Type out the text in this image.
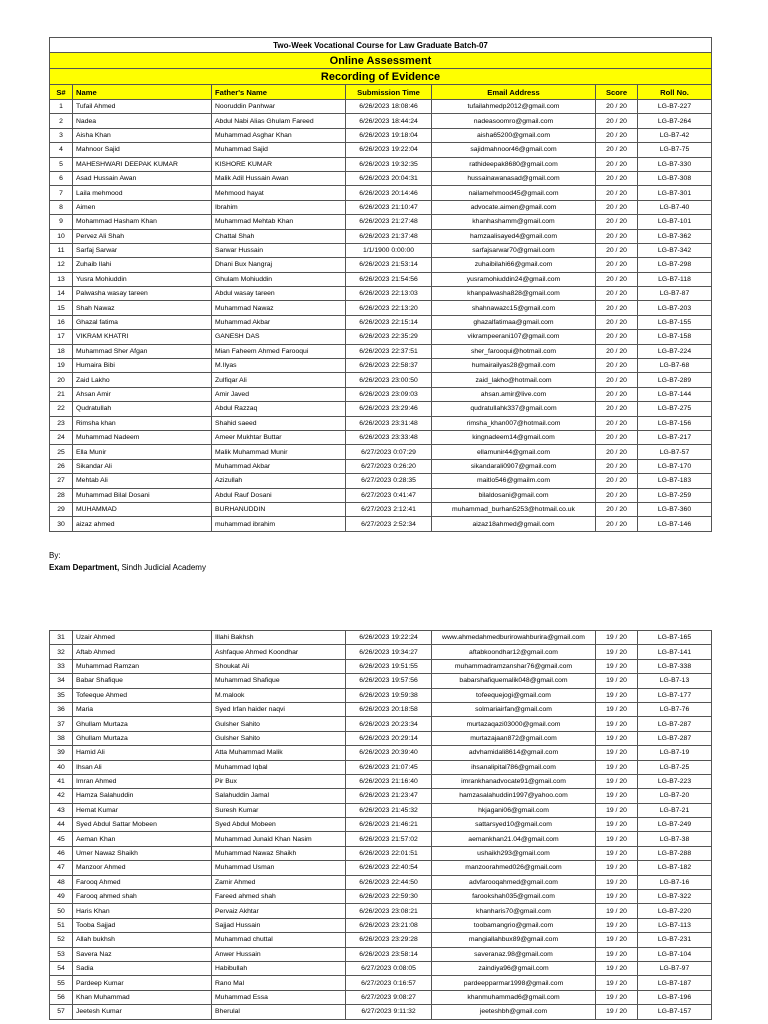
Two-Week Vocational Course for Law Graduate Batch-07						
Online Assessment						
Recording of Evidence						
S#	Name	Father's Name	Submission Time	Email Address	Score	Roll No.
1	Tufail Ahmed	Nooruddin Panhwar	6/26/2023 18:08:46	tufailahmedp2012@gmail.com	20 / 20	LG-B7-227
2	Nadea	Abdul Nabi Alias Ghulam Fareed	6/26/2023 18:44:24	nadeasoomro@gmail.com	20 / 20	LG-B7-264
3	Aisha Khan	Muhammad Asghar Khan	6/26/2023 19:18:04	aisha65200@gmail.com	20 / 20	LG-B7-42
4	Mahnoor Sajid	Muhammad Sajid	6/26/2023 19:22:04	sajidmahnoor46@gmail.com	20 / 20	LG-B7-75
5	MAHESHWARI DEEPAK KUMAR	KISHORE KUMAR	6/26/2023 19:32:35	rathideepak8680@gmail.com	20 / 20	LG-B7-330
6	Asad Hussain Awan	Malik Adil Hussain Awan	6/26/2023 20:04:31	hussainawanasad@gmail.com	20 / 20	LG-B7-308
7	Laila mehmood	Mehmood hayat	6/26/2023 20:14:46	nailamehmood45@gmail.com	20 / 20	LG-B7-301
8	Aimen	Ibrahim	6/26/2023 21:10:47	advocate.aimen@gmail.com	20 / 20	LG-B7-40
9	Mohammad Hasham Khan	Muhammad Mehtab Khan	6/26/2023 21:27:48	khanhashamm@gmail.com	20 / 20	LG-B7-101
10	Pervez Ali Shah	Chattal Shah	6/26/2023 21:37:48	hamzaalisayed4@gmail.com	20 / 20	LG-B7-362
11	Sarfaj Sarwar	Sarwar Hussain	1/1/1900 0:00:00	sarfajsarwar70@gmail.com	20 / 20	LG-B7-342
12	Zuhaib Ilahi	Dhani Bux Nangraj	6/26/2023 21:53:14	zuhaibilahi66@gmail.com	20 / 20	LG-B7-298
13	Yusra Mohiuddin	Ghulam Mohiuddin	6/26/2023 21:54:56	yusramohiuddin24@gmail.com	20 / 20	LG-B7-118
14	Palwasha wasay tareen	Abdul wasay tareen	6/26/2023 22:13:03	khanpalwasha828@gmail.com	20 / 20	LG-B7-87
15	Shah Nawaz	Muhammad Nawaz	6/26/2023 22:13:20	shahnawazc15@gmail.com	20 / 20	LG-B7-203
16	Ghazal fatima	Muhammad Akbar	6/26/2023 22:15:14	ghazalfatimaa@gmail.com	20 / 20	LG-B7-155
17	VIKRAM KHATRI	GANESH DAS	6/26/2023 22:35:29	vikrampeerani107@gmail.com	20 / 20	LG-B7-158
18	Muhammad Sher Afgan	Mian Faheem Ahmed Farooqui	6/26/2023 22:37:51	sher_farooqui@hotmail.com	20 / 20	LG-B7-224
19	Humaira Bibi	M.Ilyas	6/26/2023 22:58:37	humairailyas28@gmail.com	20 / 20	LG-B7-68
20	Zaid Lakho	Zulfiqar Ali	6/26/2023 23:00:50	zaid_lakho@hotmail.com	20 / 20	LG-B7-289
21	Ahsan Amir	Amir Javed	6/26/2023 23:09:03	ahsan.amir@live.com	20 / 20	LG-B7-144
22	Qudratullah	Abdul Razzaq	6/26/2023 23:29:46	qudratullahk337@gmail.com	20 / 20	LG-B7-275
23	Rimsha khan	Shahid saeed	6/26/2023 23:31:48	rimsha_khan007@hotmail.com	20 / 20	LG-B7-156
24	Muhammad Nadeem	Ameer Mukhtar Buttar	6/26/2023 23:33:48	kingnadeem14@gmail.com	20 / 20	LG-B7-217
25	Ella Munir	Malik Muhammad Munir	6/27/2023 0:07:29	ellamunir44@gmail.com	20 / 20	LG-B7-57
26	Sikandar Ali	Muhammad Akbar	6/27/2023 0:26:20	sikandarali0907@gmail.com	20 / 20	LG-B7-170
27	Mehtab Ali	Azizullah	6/27/2023 0:28:35	maitlo546@gmailm.com	20 / 20	LG-B7-183
28	Muhammad Bilal Dosani	Abdul Rauf Dosani	6/27/2023 0:41:47	bilaldosani@gmail.com	20 / 20	LG-B7-259
29	MUHAMMAD	BURHANUDDIN	6/27/2023 2:12:41	muhammad_burhan5253@hotmail.co.uk	20 / 20	LG-B7-360
30	aizaz ahmed	muhammad ibrahim	6/27/2023 2:52:34	aizaz18ahmed@gmail.com	20 / 20	LG-B7-146
By:
Exam Department, Sindh Judicial Academy
31	Uzair Ahmed	Illahi Bakhsh	6/26/2023 19:22:24	www.ahmedahmedburirowahburira@gmail.com	19 / 20	LG-B7-165
32	Aftab Ahmed	Ashfaque Ahmed Koondhar	6/26/2023 19:34:27	aftabkoondhar12@gmail.com	19 / 20	LG-B7-141
33	Muhammad Ramzan	Shoukat Ali	6/26/2023 19:51:55	muhammadramzanshar76@gmail.com	19 / 20	LG-B7-338
34	Babar Shafique	Muhammad Shafique	6/26/2023 19:57:56	babarshafiquemalik048@gmail.com	19 / 20	LG-B7-13
35	Tofeeque Ahmed	M.malook	6/26/2023 19:59:38	tofeequejogi@gmail.com	19 / 20	LG-B7-177
36	Maria	Syed Irfan haider naqvi	6/26/2023 20:18:58	solmariairfan@gmail.com	19 / 20	LG-B7-76
37	Ghullam Murtaza	Gulsher Sahito	6/26/2023 20:23:34	murtazaqazi03000@gmail.com	19 / 20	LG-B7-287
38	Ghullam Murtaza	Gulsher Sahito	6/26/2023 20:29:14	murtazajaan872@gmail.com	19 / 20	LG-B7-287
39	Hamid Ali	Atta Muhammad Malik	6/26/2023 20:39:40	advhamidali8614@gmail.com	19 / 20	LG-B7-19
40	Ihsan Ali	Muhammad Iqbal	6/26/2023 21:07:45	ihsanalipital786@gmail.com	19 / 20	LG-B7-25
41	Imran Ahmed	Pir Bux	6/26/2023 21:16:40	imrankhanadvocate91@gmail.com	19 / 20	LG-B7-223
42	Hamza Salahuddin	Salahuddin Jamal	6/26/2023 21:23:47	hamzasalahuddin1997@yahoo.com	19 / 20	LG-B7-20
43	Hemat Kumar	Suresh Kumar	6/26/2023 21:45:32	hkjagani06@gmail.com	19 / 20	LG-B7-21
44	Syed Abdul Sattar Mobeen	Syed Abdul Mobeen	6/26/2023 21:46:21	sattarsyed10@gmail.com	19 / 20	LG-B7-249
45	Aeman Khan	Muhammad Junaid Khan Nasim	6/26/2023 21:57:02	aemankhan21.04@gmail.com	19 / 20	LG-B7-38
46	Umer Nawaz Shaikh	Muhammad Nawaz Shaikh	6/26/2023 22:01:51	ushaikh293@gmail.com	19 / 20	LG-B7-288
47	Manzoor Ahmed	Muhammad Usman	6/26/2023 22:40:54	manzoorahmed026@gmail.com	19 / 20	LG-B7-182
48	Farooq Ahmed	Zamir Ahmed	6/26/2023 22:44:50	advfarooqahmed@gmail.com	19 / 20	LG-B7-16
49	Farooq ahmed shah	Fareed ahmed shah	6/26/2023 22:59:30	farookshah035@gmail.com	19 / 20	LG-B7-322
50	Haris Khan	Pervaiz Akhtar	6/26/2023 23:08:21	khanharis70@gmail.com	19 / 20	LG-B7-220
51	Tooba Sajjad	Sajjad Hussain	6/26/2023 23:21:08	toobamangrio@gmail.com	19 / 20	LG-B7-113
52	Allah bukhsh	Muhammad chuttal	6/26/2023 23:29:28	mangiallahbux89@gmail.com	19 / 20	LG-B7-231
53	Savera Naz	Anwer Hussain	6/26/2023 23:58:14	saveranaz.98@gmail.com	19 / 20	LG-B7-104
54	Sadia	Habibullah	6/27/2023 0:08:05	zaindiya96@gmail.com	19 / 20	LG-B7-97
55	Pardeep Kumar	Rano Mal	6/27/2023 0:16:57	pardeepparmar1998@gmail.com	19 / 20	LG-B7-187
56	Khan Muhammad	Muhammad Essa	6/27/2023 9:08:27	khanmuhammad6@gmail.com	19 / 20	LG-B7-196
57	Jeetesh Kumar	Bherulal	6/27/2023 9:11:32	jeeteshbh@gmail.com	19 / 20	LG-B7-157
